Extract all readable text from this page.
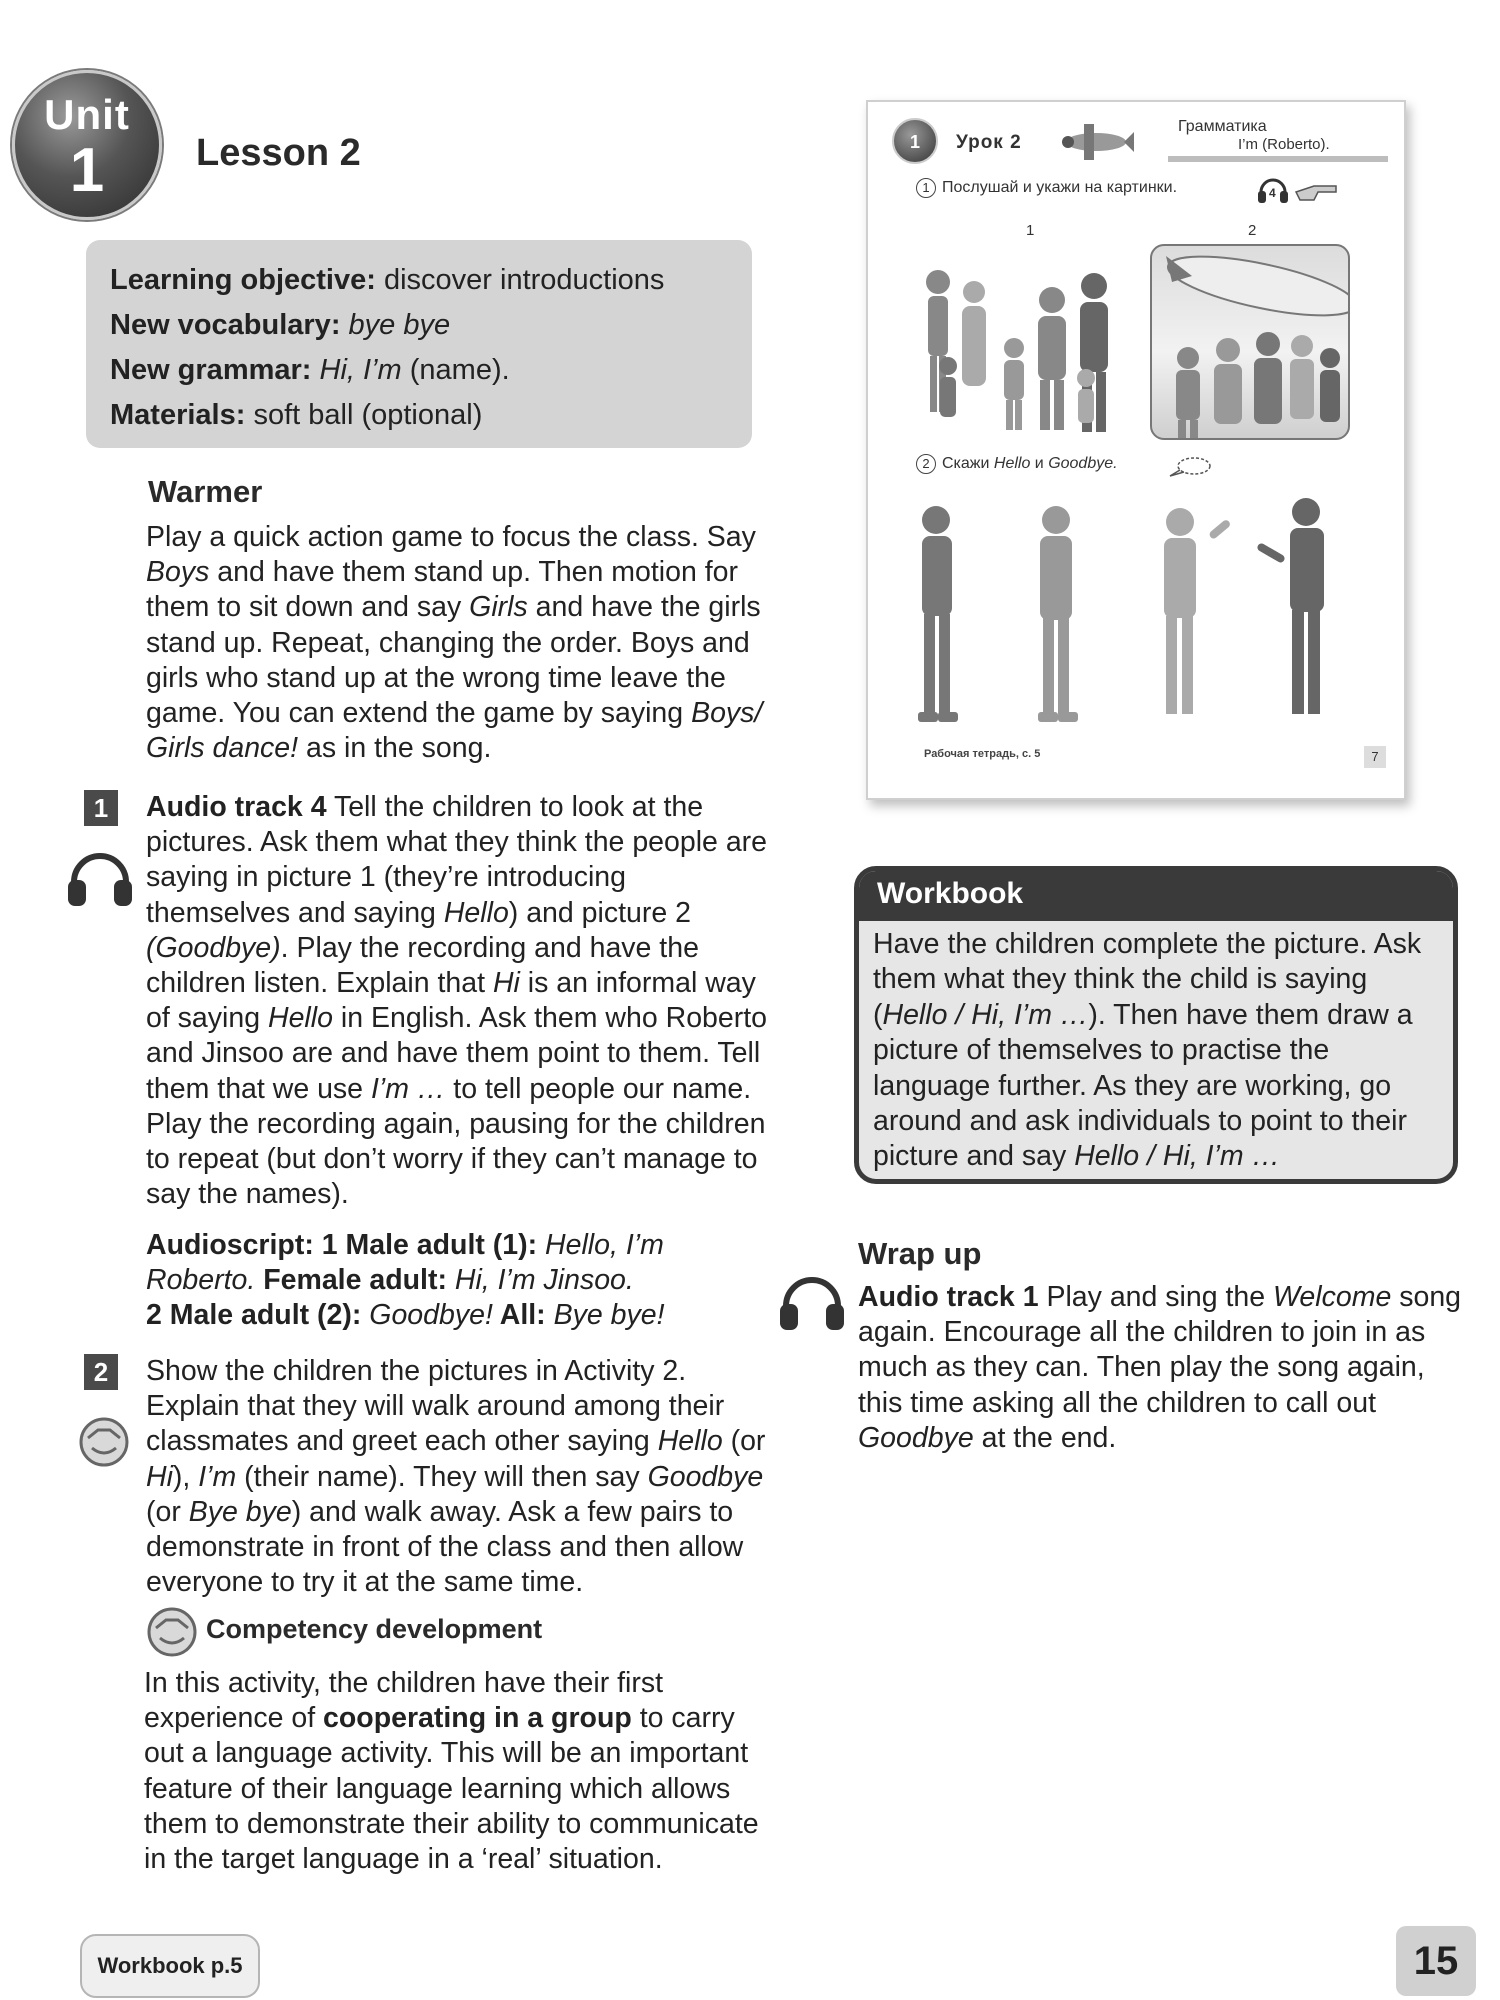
Unit
1	Lesson 2
Learning objective: discover introductions
New vocabulary: bye bye
New grammar: Hi, I’m (name).
Materials: soft ball (optional)
Warmer
Play a quick action game to focus the class. Say Boys and have them stand up. Then motion for them to sit down and say Girls and have the girls stand up. Repeat, changing the order. Boys and girls who stand up at the wrong time leave the game. You can extend the game by saying Boys/ Girls dance! as in the song.
1	Audio track 4 Tell the children to look at the pictures. Ask them what they think the people are saying in picture 1 (they’re introducing themselves and saying Hello) and picture 2 (Goodbye). Play the recording and have the children listen. Explain that Hi is an informal way of saying Hello in English. Ask them who Roberto and Jinsoo are and have them point to them. Tell them that we use I’m … to tell people our name. Play the recording again, pausing for the children to repeat (but don’t worry if they can’t manage to say the names).
Audioscript: 1 Male adult (1): Hello, I’m Roberto. Female adult: Hi, I’m Jinsoo.
2 Male adult (2): Goodbye! All: Bye bye!
2	Show the children the pictures in Activity 2. Explain that they will walk around among their classmates and greet each other saying Hello (or Hi), I’m (their name). They will then say Goodbye (or Bye bye) and walk away. Ask a few pairs to demonstrate in front of the class and then allow everyone to try it at the same time.
Competency development
In this activity, the children have their first experience of cooperating in a group to carry out a language activity. This will be an important feature of their language learning which allows them to demonstrate their ability to communicate in the target language in a ‘real’ situation.
1	Урок 2
Грамматика
I’m (Roberto).
1 Послушай и укажи на картинки.	4
1	2
2 Скажи Hello и Goodbye.
Рабочая тетрадь, с. 5	7
Workbook
Have the children complete the picture. Ask them what they think the child is saying (Hello / Hi, I’m …). Then have them draw a picture of themselves to practise the language further. As they are working, go around and ask individuals to point to their picture and say Hello / Hi, I’m …
Wrap up
Audio track 1 Play and sing the Welcome song again. Encourage all the children to join in as much as they can. Then play the song again, this time asking all the children to call out Goodbye at the end.
Workbook p.5	15
